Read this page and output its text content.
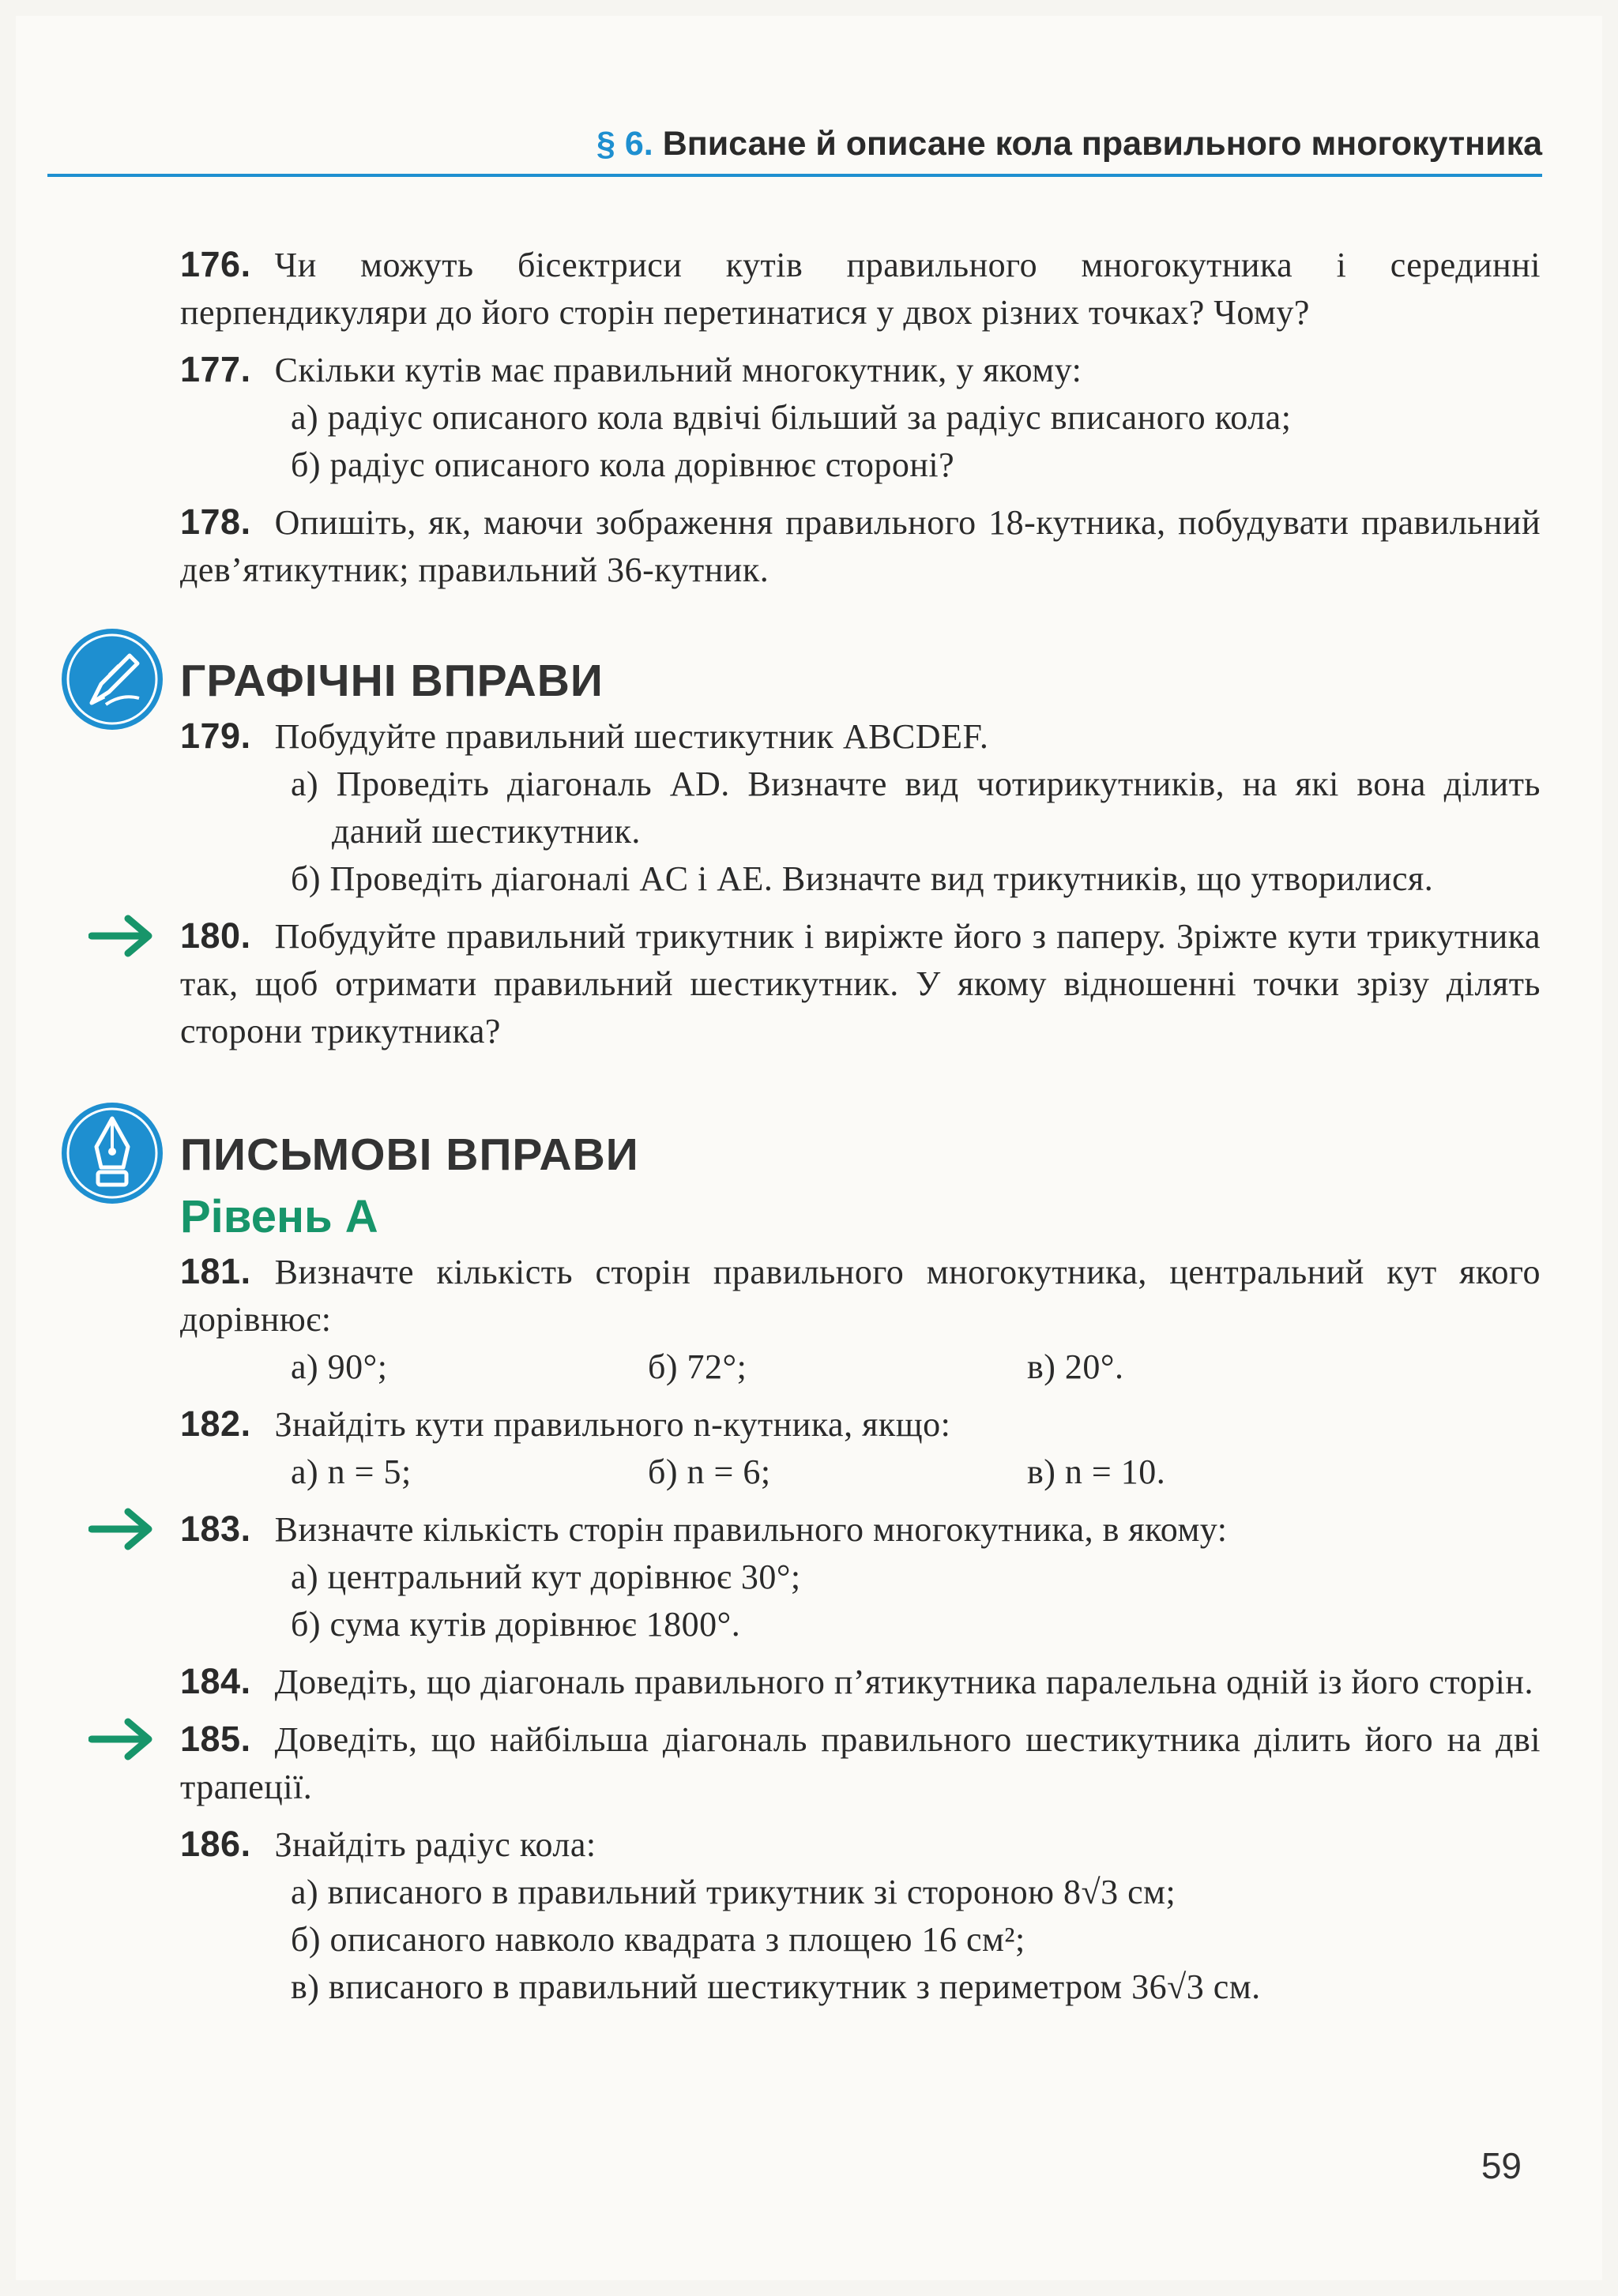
§ 6. Вписане й описане кола правильного многокутника
176. Чи можуть бісектриси кутів правильного многокутника і серединні перпендикуляри до його сторін перетинатися у двох різних точках? Чому?
177. Скільки кутів має правильний многокутник, у якому:
а) радіус описаного кола вдвічі більший за радіус вписаного кола;
б) радіус описаного кола дорівнює стороні?
178. Опишіть, як, маючи зображення правильного 18-кутника, побудувати правильний дев’ятикутник; правильний 36-кутник.
ГРАФІЧНІ ВПРАВИ
179. Побудуйте правильний шестикутник ABCDEF.
а) Проведіть діагональ AD. Визначте вид чотирикутників, на які вона ділить даний шестикутник.
б) Проведіть діагоналі AC і AE. Визначте вид трикутників, що утворилися.
180. Побудуйте правильний трикутник і виріжте його з паперу. Зріжте кути трикутника так, щоб отримати правильний шестикутник. У якому відношенні точки зрізу ділять сторони трикутника?
ПИСЬМОВІ ВПРАВИ
Рівень А
181. Визначте кількість сторін правильного многокутника, центральний кут якого дорівнює:
а) 90°;	б) 72°;	в) 20°.
182. Знайдіть кути правильного n-кутника, якщо:
а) n = 5;	б) n = 6;	в) n = 10.
183. Визначте кількість сторін правильного многокутника, в якому:
а) центральний кут дорівнює 30°;
б) сума кутів дорівнює 1800°.
184. Доведіть, що діагональ правильного п’ятикутника паралельна одній із його сторін.
185. Доведіть, що найбільша діагональ правильного шестикутника ділить його на дві трапеції.
186. Знайдіть радіус кола:
а) вписаного в правильний трикутник зі стороною 8√3 см;
б) описаного навколо квадрата з площею 16 см²;
в) вписаного в правильний шестикутник з периметром 36√3 см.
59
